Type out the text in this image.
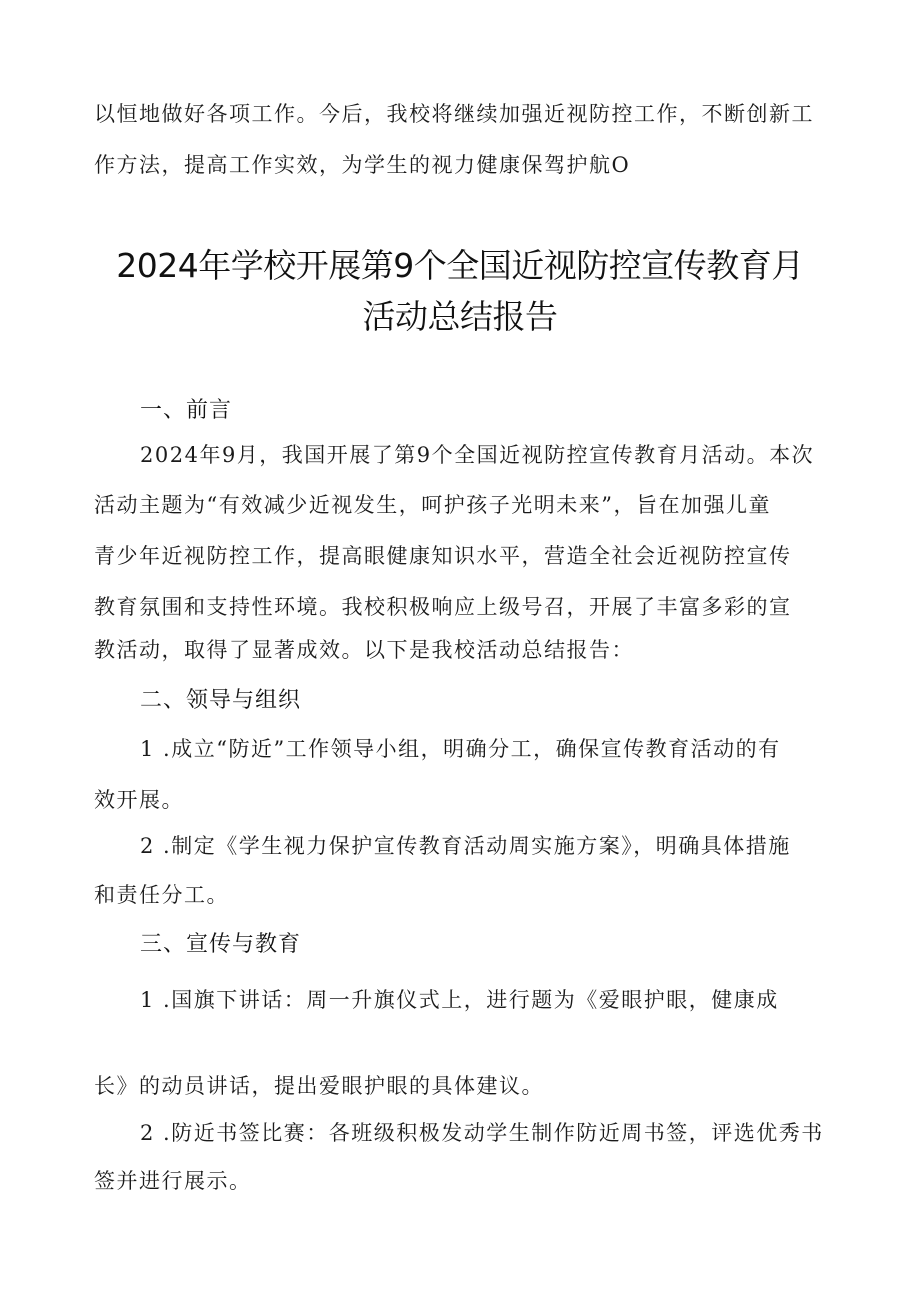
以恒地做好各项工作。今后，我校将继续加强近视防控工作，不断创新工
作方法，提高工作实效，为学生的视力健康保驾护航O
2024年学校开展第9个全国近视防控宣传教育月
活动总结报告
一、前言
2024年9月，我国开展了第9个全国近视防控宣传教育月活动。本次
活动主题为“有效减少近视发生，呵护孩子光明未来”，旨在加强儿童
青少年近视防控工作，提高眼健康知识水平，营造全社会近视防控宣传
教育氛围和支持性环境。我校积极响应上级号召，开展了丰富多彩的宣
教活动，取得了显著成效。以下是我校活动总结报告：
二、领导与组织
1 .成立“防近”工作领导小组，明确分工，确保宣传教育活动的有
效开展。
2 .制定《学生视力保护宣传教育活动周实施方案》，明确具体措施
和责任分工。
三、宣传与教育
1 .国旗下讲话：周一升旗仪式上，进行题为《爱眼护眼，健康成
长》的动员讲话，提出爱眼护眼的具体建议。
2 .防近书签比赛：各班级积极发动学生制作防近周书签，评选优秀书
签并进行展示。
